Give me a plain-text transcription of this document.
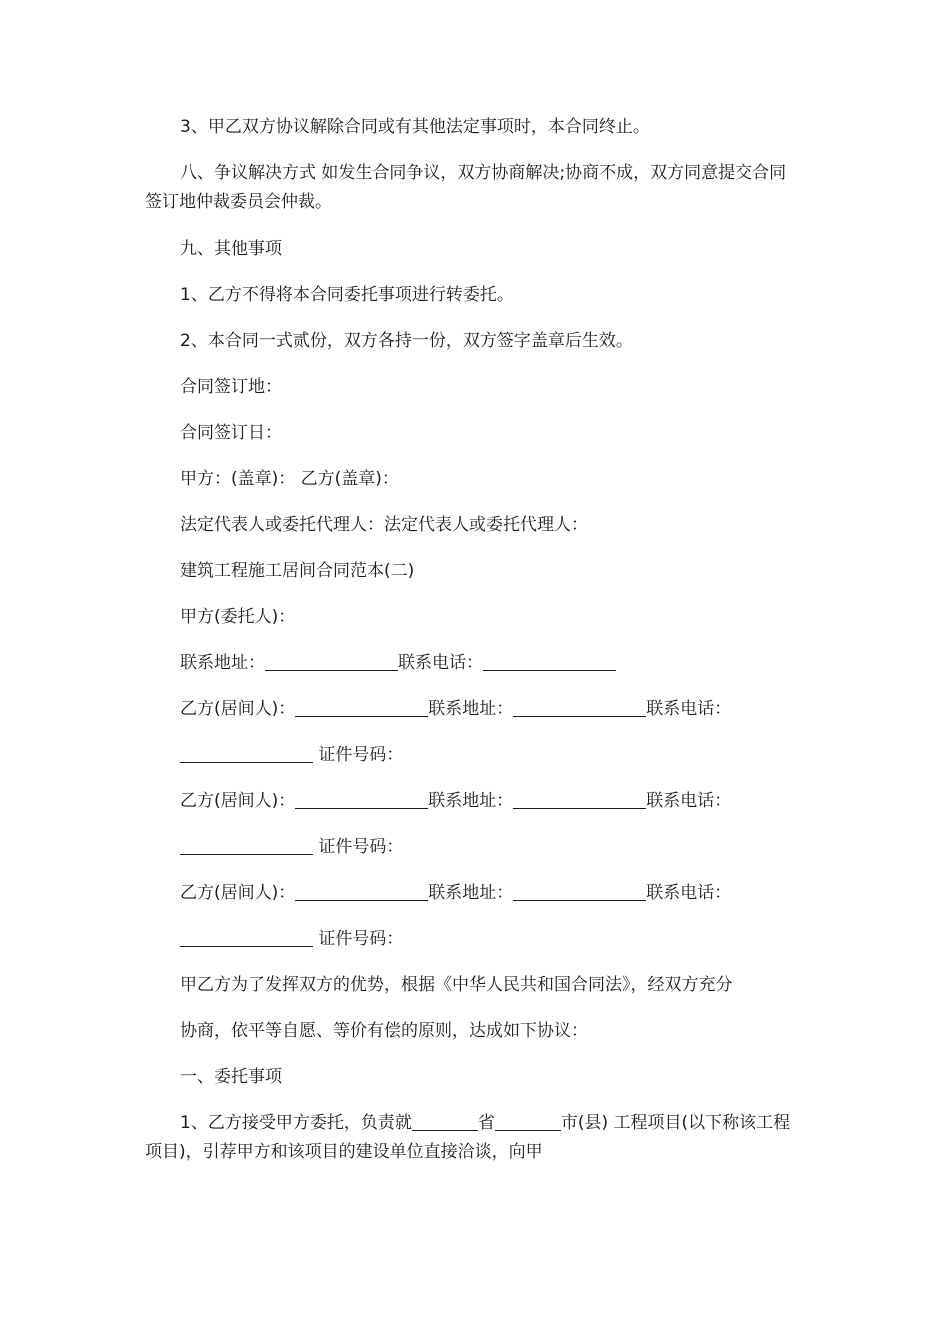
3、甲乙双方协议解除合同或有其他法定事项时，本合同终止。

八、争议解决方式 如发生合同争议，双方协商解决;协商不成，双方同意提交合同
签订地仲裁委员会仲裁。

九、其他事项

1、乙方不得将本合同委托事项进行转委托。

2、本合同一式贰份，双方各持一份，双方签字盖章后生效。

合同签订地：

合同签订日：

甲方：(盖章)： 乙方(盖章)：

法定代表人或委托代理人：法定代表人或委托代理人：

建筑工程施工居间合同范本(二)

甲方(委托人)：

联系地址：	联系电话：

乙方(居间人)：	联系地址：	联系电话：

证件号码：

乙方(居间人)：	联系地址：	联系电话：

证件号码：

乙方(居间人)：	联系地址：	联系电话：

证件号码：

甲乙方为了发挥双方的优势，根据《中华人民共和国合同法》，经双方充分

协商，依平等自愿、等价有偿的原则，达成如下协议：

一、委托事项

1、乙方接受甲方委托，负责就	省	市(县) 工程项目(以下称该工程
项目)，引荐甲方和该项目的建设单位直接洽谈，向甲
